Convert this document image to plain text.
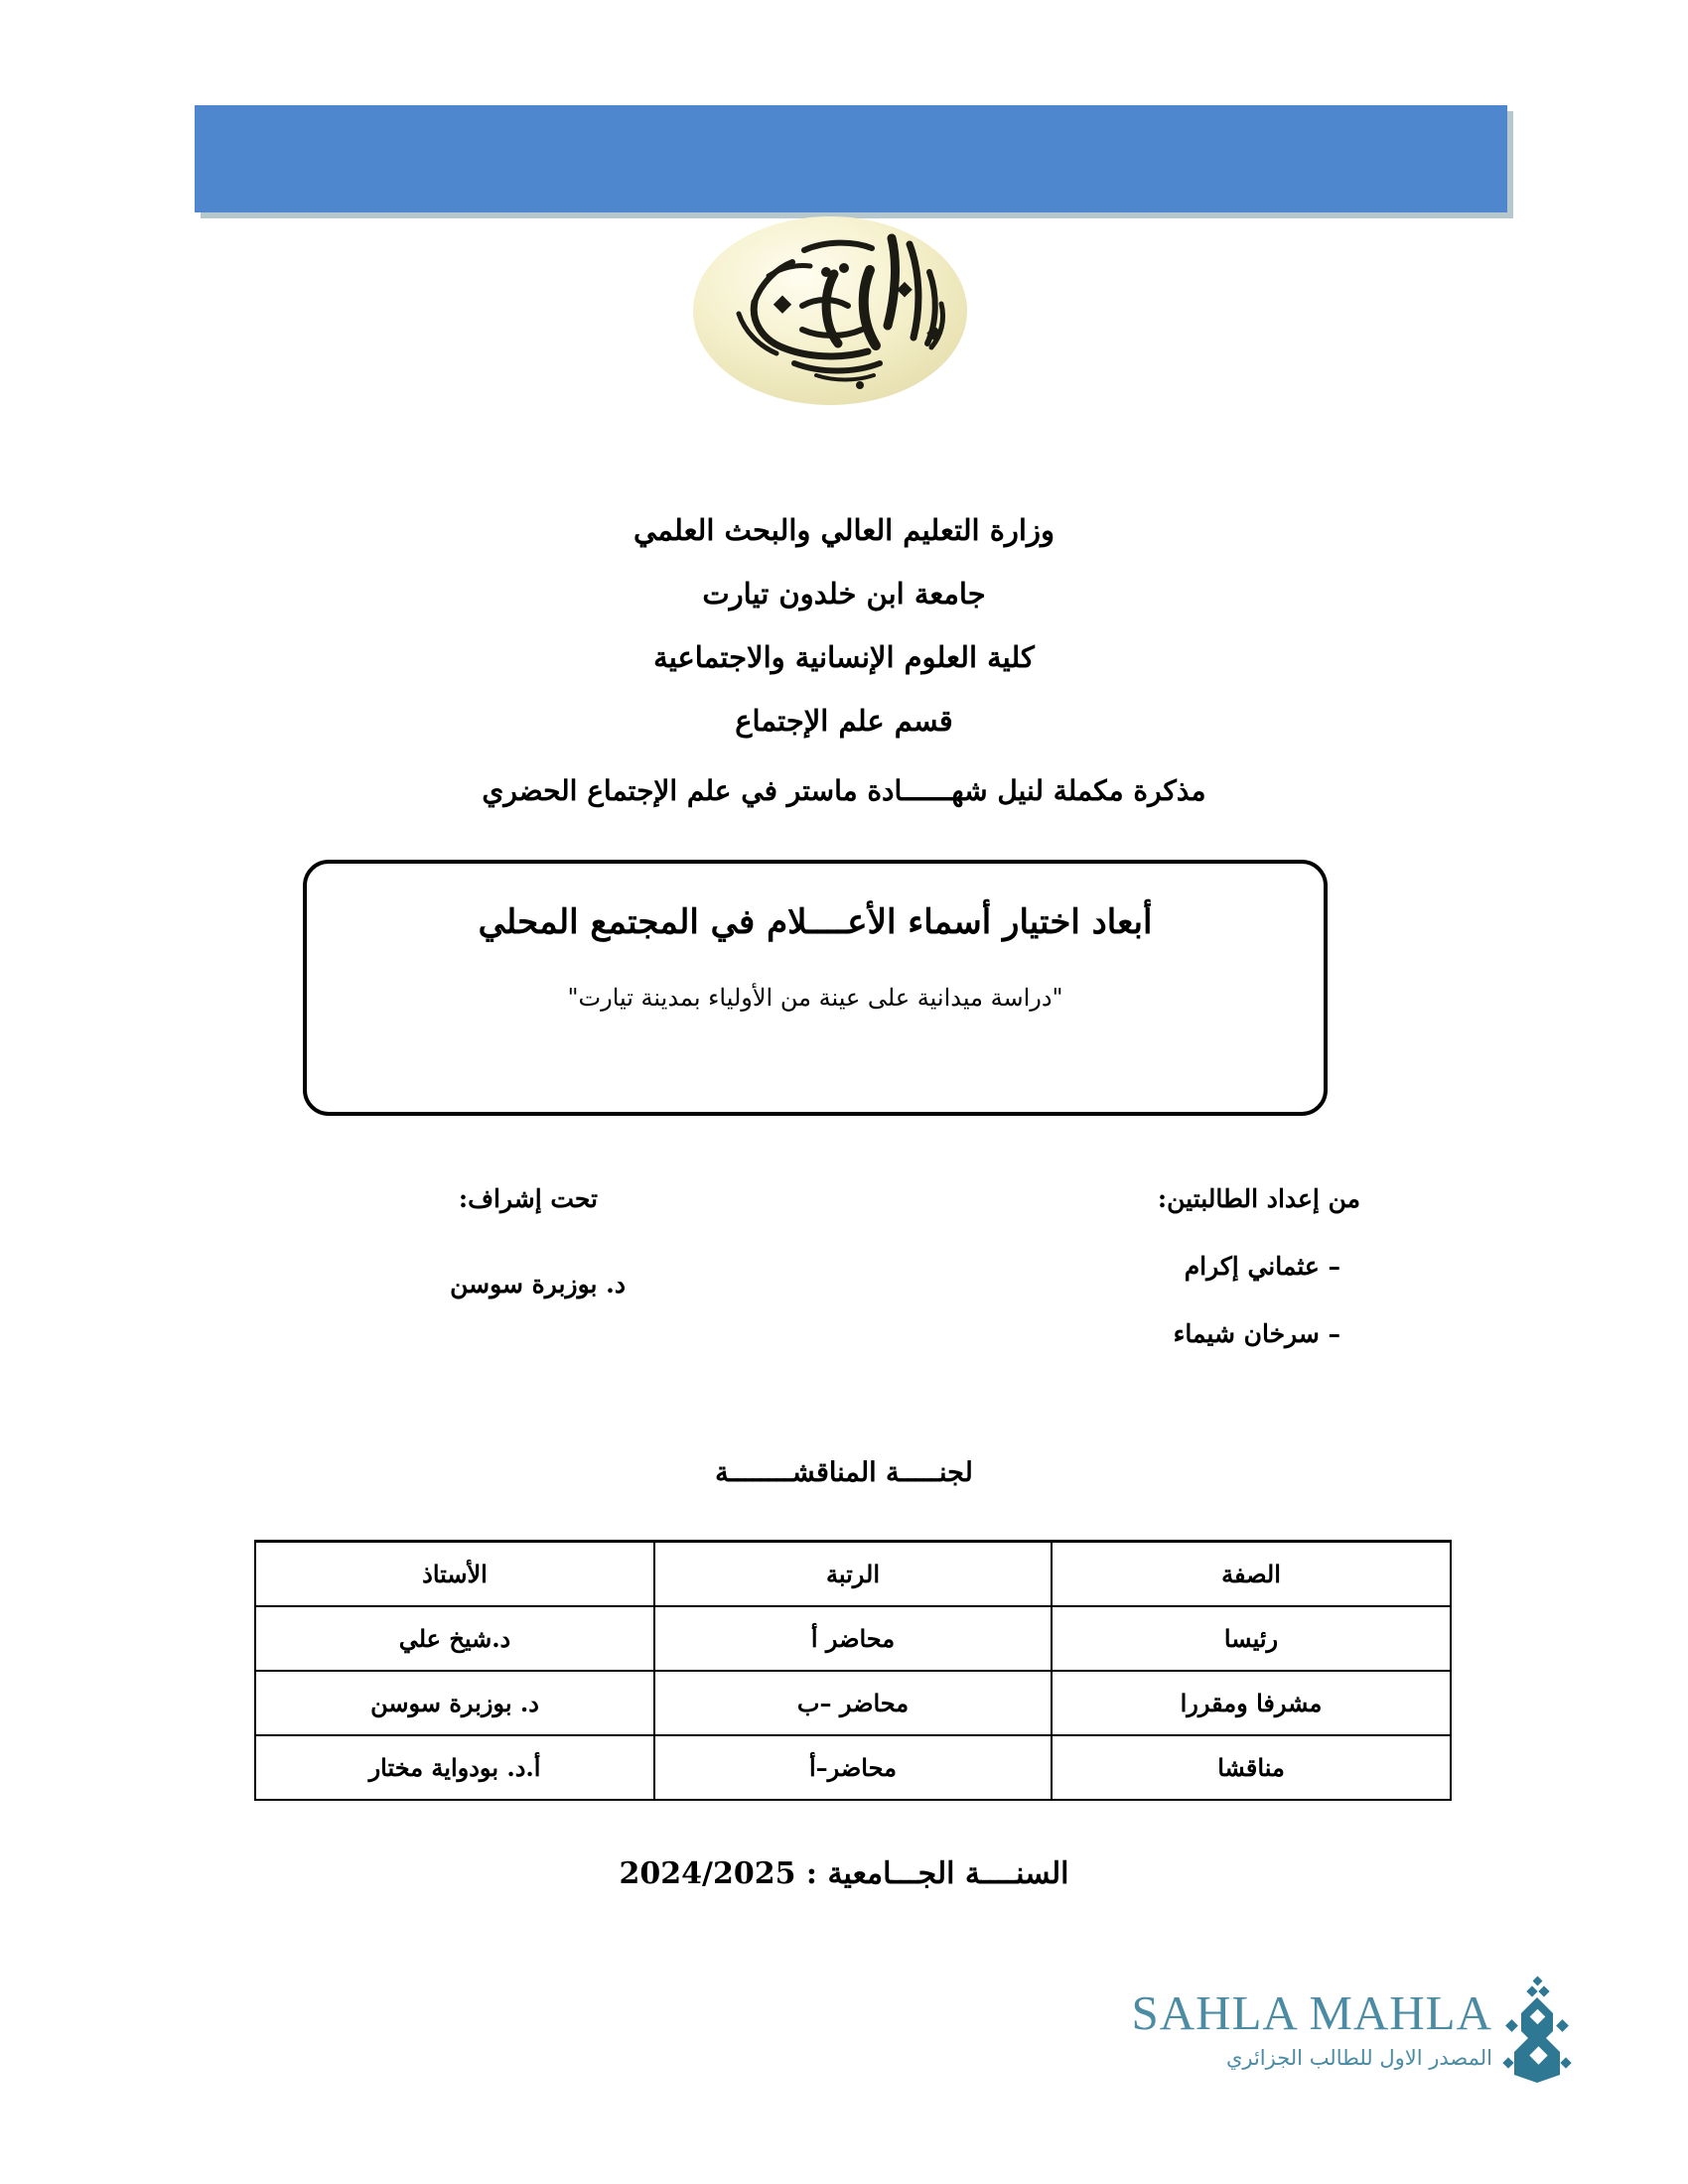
وزارة التعليم العالي والبحث العلمي
جامعة ابن خلدون تيارت
كلية العلوم الإنسانية والاجتماعية
قسم علم الإجتماع
مذكرة مكملة لنيل شهــــــادة ماستر في علم الإجتماع الحضري
أبعاد اختيار أسماء الأعــــلام في المجتمع المحلي
"دراسة ميدانية على عينة من الأولياء بمدينة تيارت"
من إعداد الطالبتين:
– عثماني إكرام
– سرخان شيماء
تحت إشراف:
د. بوزبرة سوسن
لجنـــــة المناقشــــــــة
الصفة	الرتبة	الأستاذ
رئيسا	محاضر أ	د.شيخ علي
مشرفا ومقررا	محاضر –ب	د. بوزبرة سوسن
مناقشا	محاضر–أ	أ.د. بودواية مختار
السنــــة الجـــامعية : 2024/2025
SAHLA MAHLA
المصدر الاول للطالب الجزائري
